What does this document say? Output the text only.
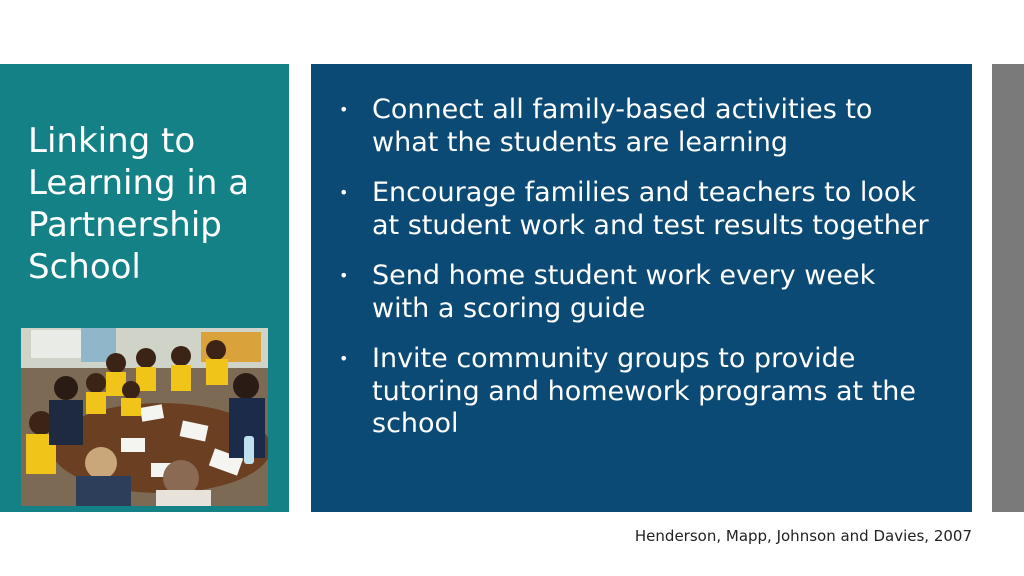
Linking to
Learning in a
Partnership
School
• Connect all family-based activities to what the students are learning
• Encourage families and teachers to look at student work and test results together
• Send home student work every week with a scoring guide
• Invite community groups to provide tutoring and homework programs at the school
Henderson, Mapp, Johnson and Davies, 2007
